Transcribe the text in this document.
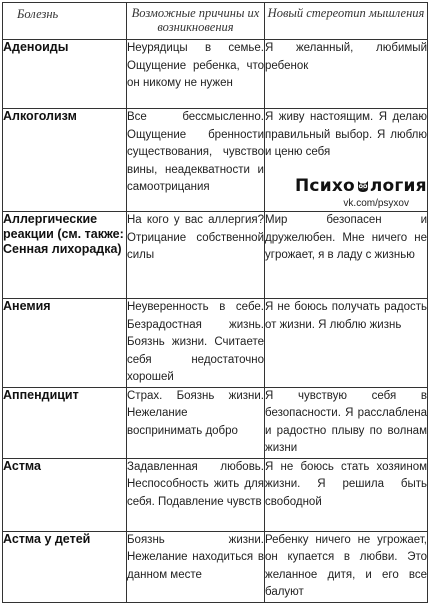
Болезнь	Возможные причины их возникновения	Новый стереотип мышления

Аденоиды	Неурядицы в семье. Ощущение ребенка, что он никому не нужен	Я желанный, любимый ребенок
Алкоголизм	Все бессмысленно. Ощущение бренности существования, чувство вины, неадекватности и самоотрицания	Я живу настоящим. Я делаю правильный выбор. Я люблю и ценю себя
Психо логия
vk.com/psyxov

Аллергические реакции (см. также: Сенная лихорадка)	На кого у вас аллергия? Отрицание собственной силы	Мир безопасен и дружелюбен. Мне ничего не угрожает, я в ладу с жизнью
Анемия	Неуверенность в себе. Безрадостная жизнь. Боязнь жизни. Считаете себя недостаточно хорошей	Я не боюсь получать радость от жизни. Я люблю жизнь
Аппендицит	Страх. Боязнь жизни. Нежелание воспринимать добро	Я чувствую себя в безопасности. Я расслаблена и радостно плыву по волнам жизни
Астма	Задавленная любовь. Неспособность жить для себя. Подавление чувств	Я не боюсь стать хозяином жизни. Я решила быть свободной
Астма у детей	Боязнь жизни. Нежелание находиться в данном месте	Ребенку ничего не угрожает, он купается в любви. Это желанное дитя, и его все балуют
